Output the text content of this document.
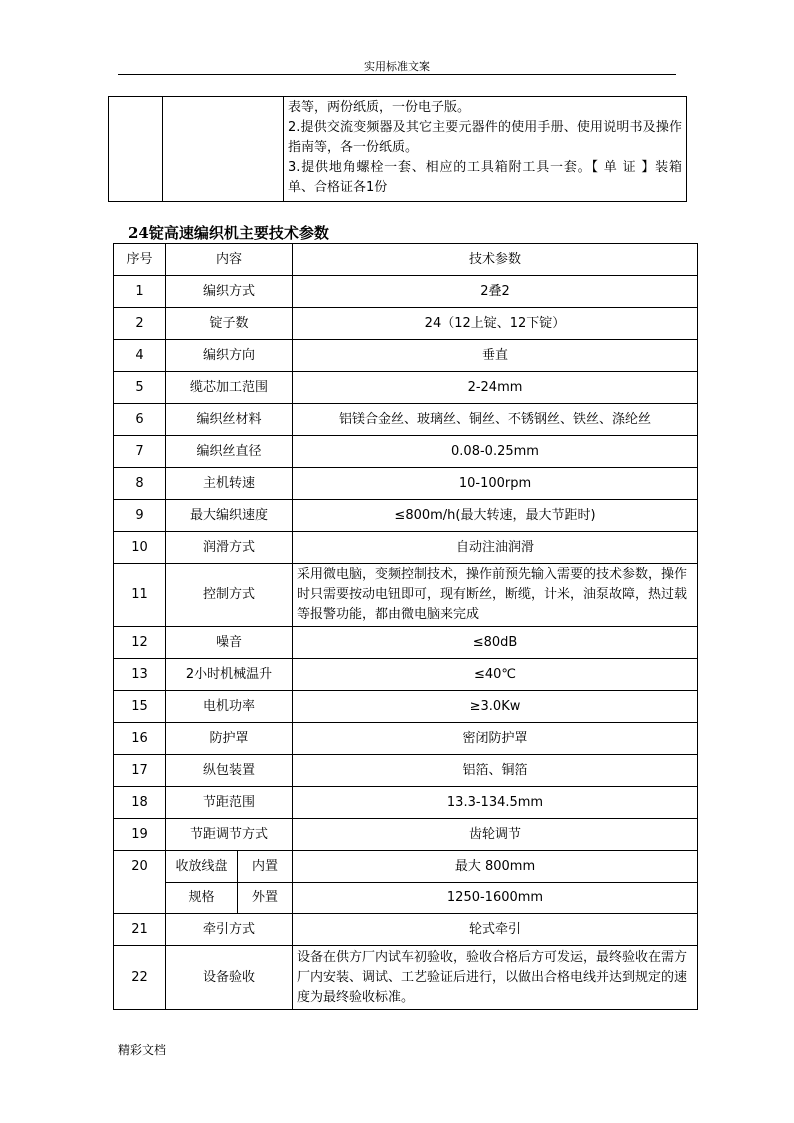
实用标准文案

表等，两份纸质，一份电子版。
2.提供交流变频器及其它主要元器件的使用手册、使用说明书及操作指南等，各一份纸质。
3.提供地角螺栓一套、相应的工具箱附工具一套。【 单 证 】装箱单、合格证各1份
24锭高速编织机主要技术参数
序号	内容		技术参数
1	编织方式		2叠2
2	锭子数		24（12上锭、12下锭）
4	编织方向		垂直
5	缆芯加工范围		2-24mm
6	编织丝材料		铝镁合金丝、玻璃丝、铜丝、不锈钢丝、铁丝、涤纶丝
7	编织丝直径		0.08-0.25mm
8	主机转速		10-100rpm
9	最大编织速度		≤800m/h(最大转速，最大节距时)
10	润滑方式		自动注油润滑
11	控制方式		采用微电脑，变频控制技术，操作前预先输入需要的技术参数，操作时只需要按动电钮即可，现有断丝，断缆，计米，油泵故障，热过载等报警功能，都由微电脑来完成
12	噪音		≤80dB
13	2小时机械温升		≤40℃
15	电机功率		≥3.0Kw
16	防护罩		密闭防护罩
17	纵包装置		铝箔、铜箔
18	节距范围		13.3-134.5mm
19	节距调节方式		齿轮调节
20	收放线盘	内置	最大 800mm
	规格	外置	1250-1600mm
21	牵引方式		轮式牵引
22	设备验收		设备在供方厂内试车初验收，验收合格后方可发运，最终验收在需方厂内安装、调试、工艺验证后进行，以做出合格电线并达到规定的速度为最终验收标准。
精彩文档
